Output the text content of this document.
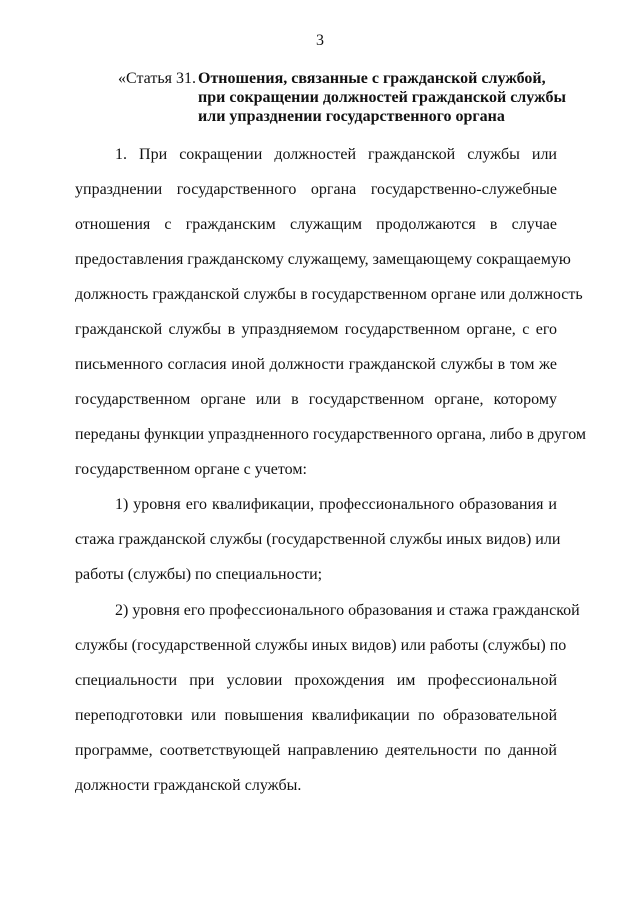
3
«Статья 31. Отношения, связанные с гражданской службой,
при сокращении должностей гражданской службы
или упразднении государственного органа
1. При сокращении должностей гражданской службы или
упразднении государственного органа государственно-служебные
отношения с гражданским служащим продолжаются в случае
предоставления гражданскому служащему, замещающему сокращаемую
должность гражданской службы в государственном органе или должность
гражданской службы в упраздняемом государственном органе, с его
письменного согласия иной должности гражданской службы в том же
государственном органе или в государственном органе, которому
переданы функции упраздненного государственного органа, либо в другом
государственном органе с учетом:
1) уровня его квалификации, профессионального образования и
стажа гражданской службы (государственной службы иных видов) или
работы (службы) по специальности;
2) уровня его профессионального образования и стажа гражданской
службы (государственной службы иных видов) или работы (службы) по
специальности при условии прохождения им профессиональной
переподготовки или повышения квалификации по образовательной
программе, соответствующей направлению деятельности по данной
должности гражданской службы.
